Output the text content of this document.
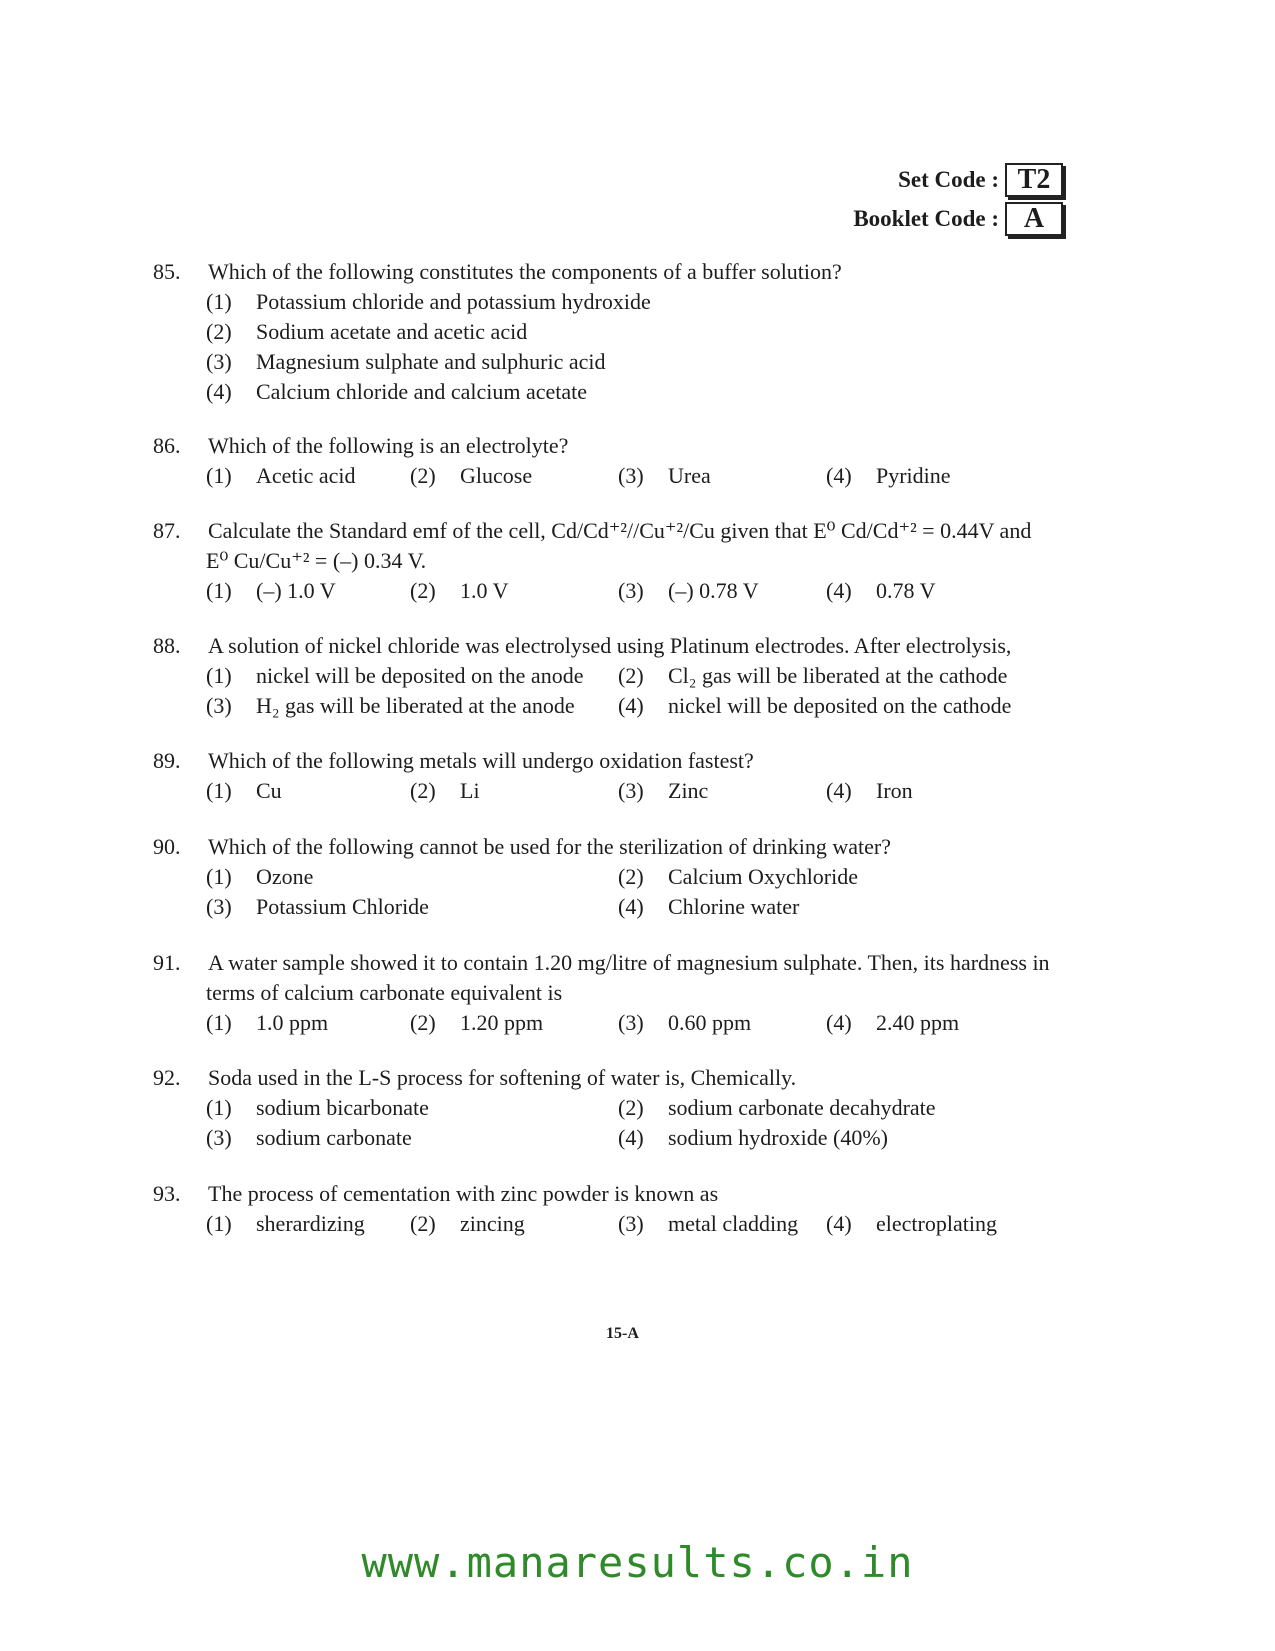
Set Code : T2
Booklet Code : A
85. Which of the following constitutes the components of a buffer solution?
(1) Potassium chloride and potassium hydroxide
(2) Sodium acetate and acetic acid
(3) Magnesium sulphate and sulphuric acid
(4) Calcium chloride and calcium acetate
86. Which of the following is an electrolyte?
(1) Acetic acid (2) Glucose	(3) Urea	(4) Pyridine
87. Calculate the Standard emf of the cell, Cd/Cd⁺²//Cu⁺²/Cu given that E⁰ Cd/Cd⁺² = 0.44V and
E⁰ Cu/Cu⁺² = (–) 0.34 V.
(1) (–) 1.0 V	(2) 1.0 V	(3) (–) 0.78 V	(4) 0.78 V
88. A solution of nickel chloride was electrolysed using Platinum electrodes. After electrolysis,
(1) nickel will be deposited on the anode (2) Cl₂ gas will be liberated at the cathode
(3) H₂ gas will be liberated at the anode (4) nickel will be deposited on the cathode
89. Which of the following metals will undergo oxidation fastest?
(1) Cu	(2) Li	(3) Zinc	(4) Iron
90. Which of the following cannot be used for the sterilization of drinking water?
(1) Ozone	(2) Calcium Oxychloride
(3) Potassium Chloride	(4) Chlorine water
91. A water sample showed it to contain 1.20 mg/litre of magnesium sulphate. Then, its hardness in
terms of calcium carbonate equivalent is
(1) 1.0 ppm	(2) 1.20 ppm	(3) 0.60 ppm	(4) 2.40 ppm
92. Soda used in the L-S process for softening of water is, Chemically.
(1) sodium bicarbonate	(2) sodium carbonate decahydrate
(3) sodium carbonate	(4) sodium hydroxide (40%)
93. The process of cementation with zinc powder is known as
(1) sherardizing (2) zincing	(3) metal cladding (4) electroplating
15-A
www.manaresults.co.in
